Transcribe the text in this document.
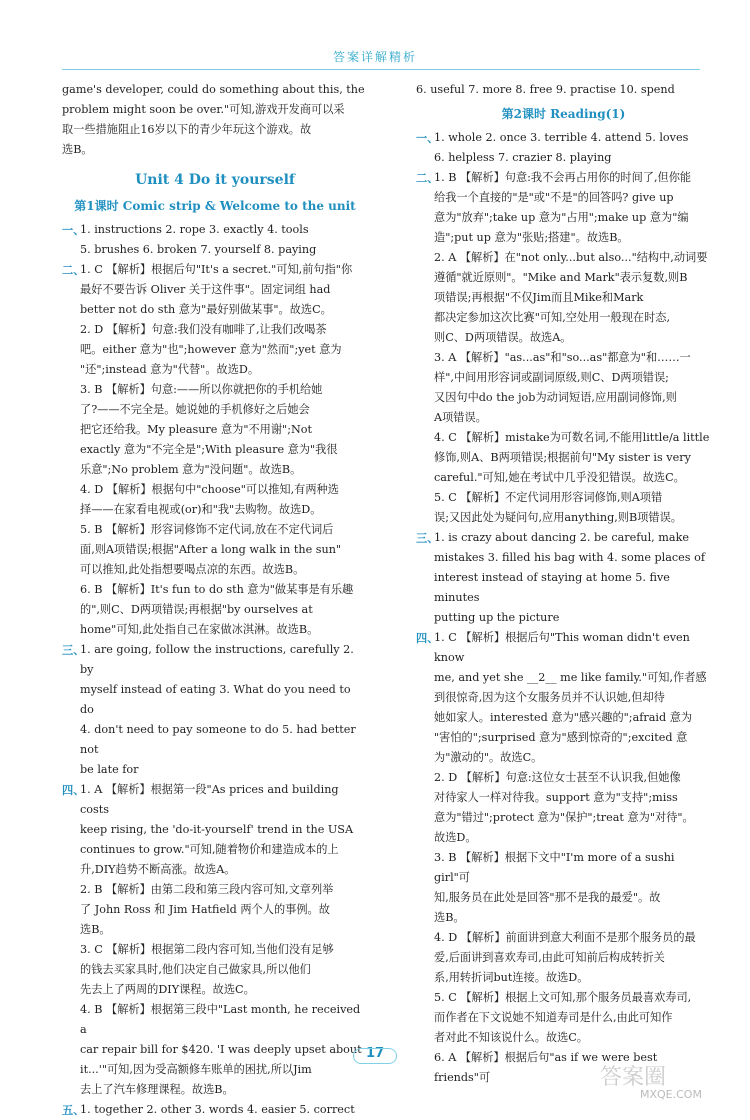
答案详解精析

game's developer, could do something about this, the

problem might soon be over."可知,游戏开发商可以采

取一些措施阻止16岁以下的青少年玩这个游戏。故

选B。

Unit 4 Do it yourself
第1课时 Comic strip & Welcome to the unit
一、

1. instructions 2. rope 3. exactly 4. tools

5. brushes 6. broken 7. yourself 8. paying

二、

1. C 【解析】根据后句"It's a secret."可知,前句指"你

最好不要告诉 Oliver 关于这件事"。固定词组 had

better not do sth 意为"最好别做某事"。故选C。

2. D 【解析】句意:我们没有咖啡了,让我们改喝茶

吧。either 意为"也";however 意为"然而";yet 意为

"还";instead 意为"代替"。故选D。

3. B 【解析】句意:——所以你就把你的手机给她

了?——不完全是。她说她的手机修好之后她会

把它还给我。My pleasure 意为"不用谢";Not

exactly 意为"不完全是";With pleasure 意为"我很

乐意";No problem 意为"没问题"。故选B。

4. D 【解析】根据句中"choose"可以推知,有两种选

择——在家看电视或(or)和"我"去购物。故选D。

5. B 【解析】形容词修饰不定代词,放在不定代词后

面,则A项错误;根据"After a long walk in the sun"

可以推知,此处指想要喝点凉的东西。故选B。

6. B 【解析】It's fun to do sth 意为"做某事是有乐趣

的",则C、D两项错误;再根据"by ourselves at

home"可知,此处指自己在家做冰淇淋。故选B。

三、

1. are going, follow the instructions, carefully 2. by

myself instead of eating 3. What do you need to do

4. don't need to pay someone to do 5. had better not

be late for

四、

1. A 【解析】根据第一段"As prices and building costs

keep rising, the 'do-it-yourself' trend in the USA

continues to grow."可知,随着物价和建造成本的上

升,DIY趋势不断高涨。故选A。

2. B 【解析】由第二段和第三段内容可知,文章列举

了 John Ross 和 Jim Hatfield 两个人的事例。故

选B。

3. C 【解析】根据第二段内容可知,当他们没有足够

的钱去买家具时,他们决定自己做家具,所以他们

先去上了两周的DIY课程。故选C。

4. B 【解析】根据第三段中"Last month, he received a

car repair bill for $420. 'I was deeply upset about

it...'"可知,因为受高额修车账单的困扰,所以Jim

去上了汽车修理课程。故选B。

五、

1. together 2. other 3. words 4. easier 5. correct

6. useful 7. more 8. free 9. practise 10. spend

第2课时 Reading(1)
一、

1. whole 2. once 3. terrible 4. attend 5. loves

6. helpless 7. crazier 8. playing

二、

1. B 【解析】句意:我不会再占用你的时间了,但你能

给我一个直接的"是"或"不是"的回答吗? give up

意为"放弃";take up 意为"占用";make up 意为"编

造";put up 意为"张贴;搭建"。故选B。

2. A 【解析】在"not only...but also..."结构中,动词要

遵循"就近原则"。"Mike and Mark"表示复数,则B

项错误;再根据"不仅Jim而且Mike和Mark

都决定参加这次比赛"可知,空处用一般现在时态,

则C、D两项错误。故选A。

3. A 【解析】"as...as"和"so...as"都意为"和……一

样",中间用形容词或副词原级,则C、D两项错误;

又因句中do the job为动词短语,应用副词修饰,则

A项错误。

4. C 【解析】mistake为可数名词,不能用little/a little

修饰,则A、B两项错误;根据前句"My sister is very

careful."可知,她在考试中几乎没犯错误。故选C。

5. C 【解析】不定代词用形容词修饰,则A项错

误;又因此处为疑问句,应用anything,则B项错误。

三、

1. is crazy about dancing 2. be careful, make

mistakes 3. filled his bag with 4. some places of

interest instead of staying at home 5. five minutes

putting up the picture

四、

1. C 【解析】根据后句"This woman didn't even know

me, and yet she __2__ me like family."可知,作者感

到很惊奇,因为这个女服务员并不认识她,但却待

她如家人。interested 意为"感兴趣的";afraid 意为

"害怕的";surprised 意为"感到惊奇的";excited 意

为"激动的"。故选C。

2. D 【解析】句意:这位女士甚至不认识我,但她像

对待家人一样对待我。support 意为"支持";miss

意为"错过";protect 意为"保护";treat 意为"对待"。

故选D。

3. B 【解析】根据下文中"I'm more of a sushi girl"可

知,服务员在此处是回答"那不是我的最爱"。故

选B。

4. D 【解析】前面讲到意大利面不是那个服务员的最

爱,后面讲到喜欢寿司,由此可知前后构成转折关

系,用转折词but连接。故选D。

5. C 【解析】根据上文可知,那个服务员最喜欢寿司,

而作者在下文说她不知道寿司是什么,由此可知作

者对此不知该说什么。故选C。

6. A 【解析】根据后句"as if we were best friends"可

17
答案圈
MXQE.COM
